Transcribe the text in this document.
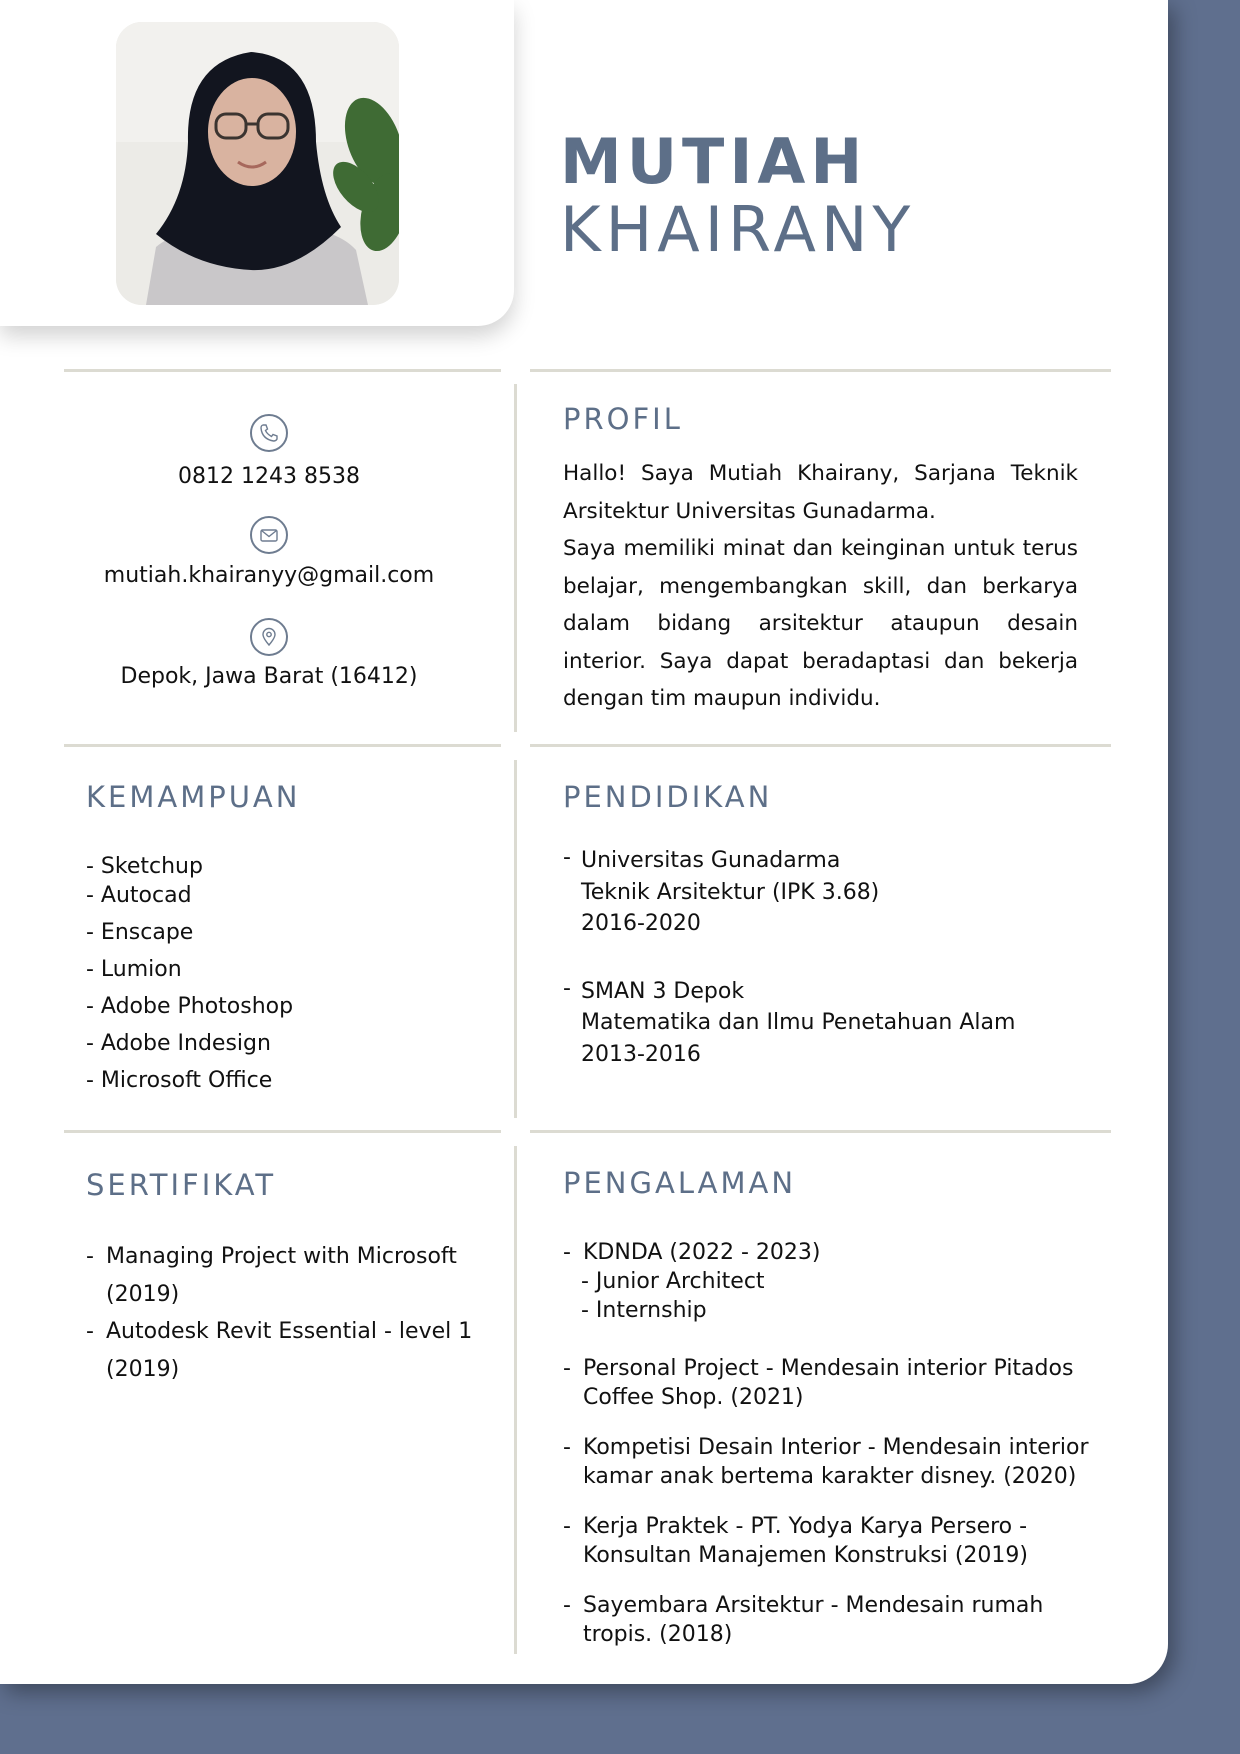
MUTIAH
KHAIRANY
0812 1243 8538
mutiah.khairanyy@gmail.com
Depok, Jawa Barat (16412)
PROFIL

Hallo! Saya Mutiah Khairany, Sarjana Teknik Arsitektur Universitas Gunadarma.

Saya memiliki minat dan keinginan untuk terus belajar, mengembangkan skill, dan berkarya dalam bidang arsitektur ataupun desain interior. Saya dapat beradaptasi dan bekerja dengan tim maupun individu.

KEMAMPUAN
- Sketchup
- Autocad
- Enscape
- Lumion
- Adobe Photoshop
- Adobe Indesign
- Microsoft Office
PENDIDIKAN
- Universitas Gunadarma
Teknik Arsitektur (IPK 3.68)
2016-2020
- SMAN 3 Depok
Matematika dan Ilmu Penetahuan Alam
2013-2016
SERTIFIKAT
- Managing Project with Microsoft
(2019)
- Autodesk Revit Essential - level 1
(2019)
PENGALAMAN
- KDNDA (2022 - 2023)
- Junior Architect
- Internship
- Personal Project - Mendesain interior Pitados
Coffee Shop. (2021)
- Kompetisi Desain Interior - Mendesain interior
kamar anak bertema karakter disney. (2020)
- Kerja Praktek - PT. Yodya Karya Persero -
Konsultan Manajemen Konstruksi (2019)
- Sayembara Arsitektur - Mendesain rumah
tropis. (2018)
